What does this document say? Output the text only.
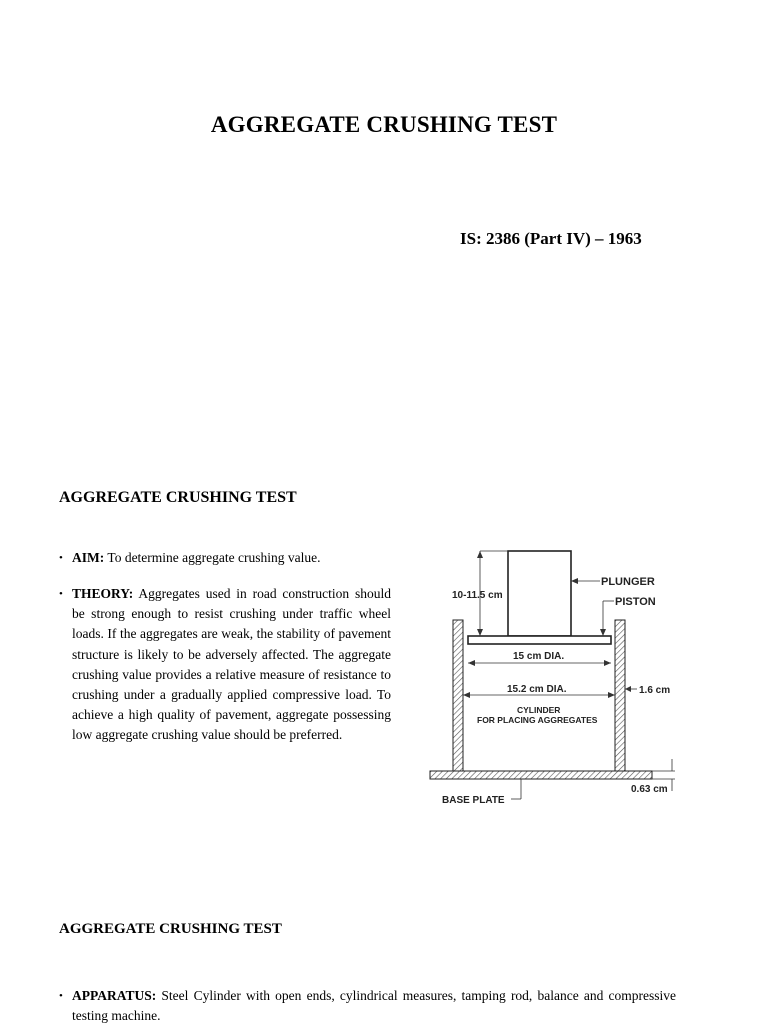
AGGREGATE CRUSHING TEST
IS: 2386 (Part IV) – 1963
AGGREGATE CRUSHING TEST
• AIM: To determine aggregate crushing value.
• THEORY: Aggregates used in road construction should be strong enough to resist crushing under traffic wheel loads. If the aggregates are weak, the stability of pavement structure is likely to be adversely affected. The aggregate crushing value provides a relative measure of resistance to crushing under a gradually applied compressive load. To achieve a high quality of pavement, aggregate possessing low aggregate crushing value should be preferred.
10-11.5 cm
PLUNGER
PISTON
15 cm DIA.
15.2 cm DIA.	1.6 cm
CYLINDER
FOR PLACING AGGREGATES
BASE PLATE
0.63 cm
AGGREGATE CRUSHING TEST
• APPARATUS: Steel Cylinder with open ends, cylindrical measures, tamping rod, balance and compressive testing machine.
